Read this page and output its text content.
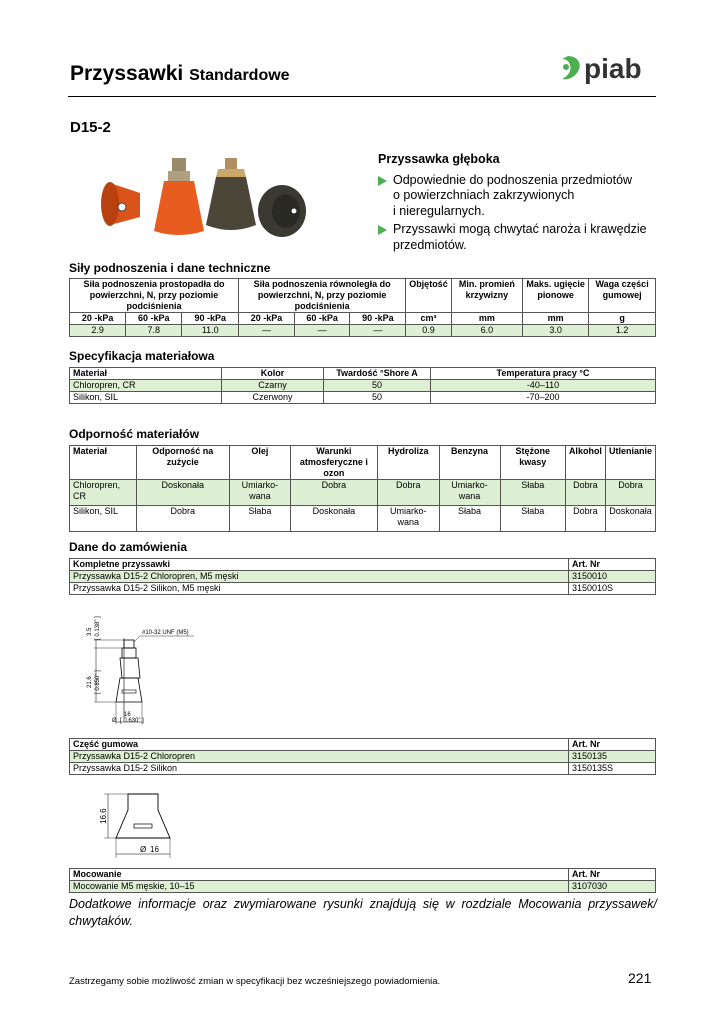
Przyssawki Standardowe	piab
D15-2
Przyssawka głęboka
Odpowiednie do podnoszenia przedmiotów
o powierzchniach zakrzywionych
i nieregularnych.
Przyssawki mogą chwytać naroża i krawędzie
przedmiotów.
Siły podnoszenia i dane techniczne
Siła podnoszenia prostopadła do powierzchni, N, przy poziomie podciśnienia			Siła podnoszenia równoległa do powierzchni, N, przy poziomie podciśnienia			Objętość	Min. promień krzywizny	Maks. ugięcie pionowe	Waga części gumowej
20 -kPa	60 -kPa	90 -kPa	20 -kPa	60 -kPa	90 -kPa	cm³	mm	mm	g
2.9	7.8	11.0	—	—	—	0.9	6.0	3.0	1.2
Specyfikacja materiałowa
Materiał	Kolor	Twardość °Shore A	Temperatura pracy °C
Chloropren, CR	Czarny	50	-40–110
Silikon, SIL	Czerwony	50	-70–200
Odporność materiałów
Materiał	Odporność na zużycie	Olej	Warunki atmosferyczne i ozon	Hydroliza	Benzyna	Stężone kwasy	Alkohol	Utlenianie
Chloropren, CR	Doskonała	Umiarko-wana	Dobra	Dobra	Umiarko-wana	Słaba	Dobra	Dobra
Silikon, SIL	Dobra	Słaba	Doskonała	Umiarko-wana	Słaba	Słaba	Dobra	Doskonała
Dane do zamówienia
Kompletne przyssawki	Art. Nr
Przyssawka D15-2 Chloropren, M5 męski	3150010
Przyssawka D15-2 Silikon, M5 męski	3150010S
#10-32 UNF (M5)
3.5 [ 0.138" ]
21.6 [ 0.850" ]
16
Ø [ 0.630" ]
Część gumowa	Art. Nr
Przyssawka D15-2 Chloropren	3150135
Przyssawka D15-2 Silikon	3150135S
16.6
Ø 16
Mocowanie	Art. Nr
Mocowanie M5 męskie, 10–15	3107030
Dodatkowe informacje oraz zwymiarowane rysunki znajdują się w rozdziale Mocowania przyssawek/ chwytaków.
Zastrzegamy sobie możliwość zmian w specyfikacji bez wcześniejszego powiadomienia.	221
